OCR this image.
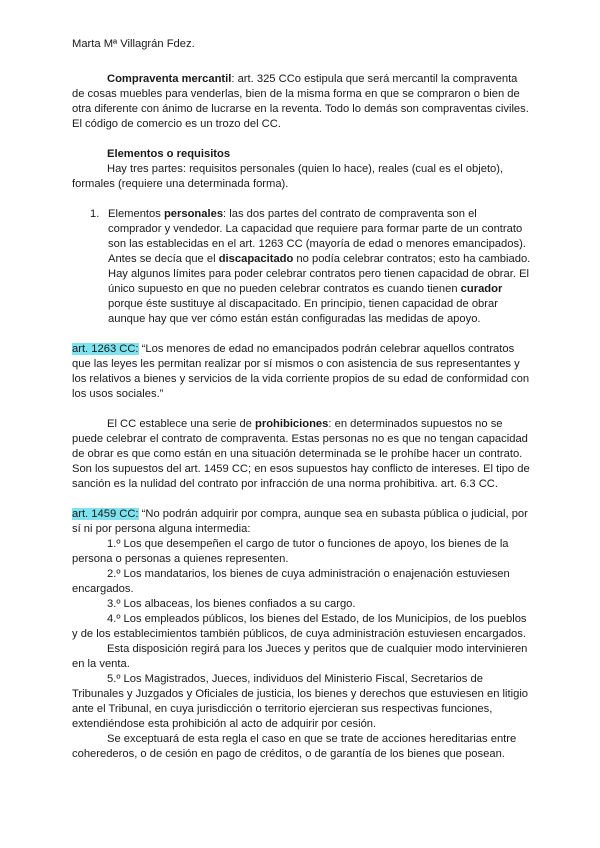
Marta Mª Villagrán Fdez.

Compraventa mercantil: art. 325 CCo estipula que será mercantil la compraventa de cosas muebles para venderlas, bien de la misma forma en que se compraron o bien de otra diferente con ánimo de lucrarse en la reventa. Todo lo demás son compraventas civiles. El código de comercio es un trozo del CC.

Elementos o requisitos

Hay tres partes: requisitos personales (quien lo hace), reales (cual es el objeto), formales (requiere una determinada forma).

1. Elementos personales: las dos partes del contrato de compraventa son el comprador y vendedor. La capacidad que requiere para formar parte de un contrato son las establecidas en el art. 1263 CC (mayoría de edad o menores emancipados). Antes se decía que el discapacitado no podía celebrar contratos; esto ha cambiado. Hay algunos límites para poder celebrar contratos pero tienen capacidad de obrar. El único supuesto en que no pueden celebrar contratos es cuando tienen curador porque éste sustituye al discapacitado. En principio, tienen capacidad de obrar aunque hay que ver cómo están están configuradas las medidas de apoyo.

art. 1263 CC: “Los menores de edad no emancipados podrán celebrar aquellos contratos que las leyes les permitan realizar por sí mismos o con asistencia de sus representantes y los relativos a bienes y servicios de la vida corriente propios de su edad de conformidad con los usos sociales.”

El CC establece una serie de prohibiciones: en determinados supuestos no se puede celebrar el contrato de compraventa. Estas personas no es que no tengan capacidad de obrar es que como están en una situación determinada se le prohíbe hacer un contrato. Son los supuestos del art. 1459 CC; en esos supuestos hay conflicto de intereses. El tipo de sanción es la nulidad del contrato por infracción de una norma prohibitiva. art. 6.3 CC.

art. 1459 CC: “No podrán adquirir por compra, aunque sea en subasta pública o judicial, por sí ni por persona alguna intermedia:

1.º Los que desempeñen el cargo de tutor o funciones de apoyo, los bienes de la persona o personas a quienes representen.

2.º Los mandatarios, los bienes de cuya administración o enajenación estuviesen encargados.

3.º Los albaceas, los bienes confiados a su cargo.

4.º Los empleados públicos, los bienes del Estado, de los Municipios, de los pueblos y de los establecimientos también públicos, de cuya administración estuviesen encargados.

Esta disposición regirá para los Jueces y peritos que de cualquier modo intervinieren en la venta.

5.º Los Magistrados, Jueces, individuos del Ministerio Fiscal, Secretarios de Tribunales y Juzgados y Oficiales de justicia, los bienes y derechos que estuviesen en litigio ante el Tribunal, en cuya jurisdicción o territorio ejercieran sus respectivas funciones, extendiéndose esta prohibición al acto de adquirir por cesión.

Se exceptuará de esta regla el caso en que se trate de acciones hereditarias entre coherederos, o de cesión en pago de créditos, o de garantía de los bienes que posean.
